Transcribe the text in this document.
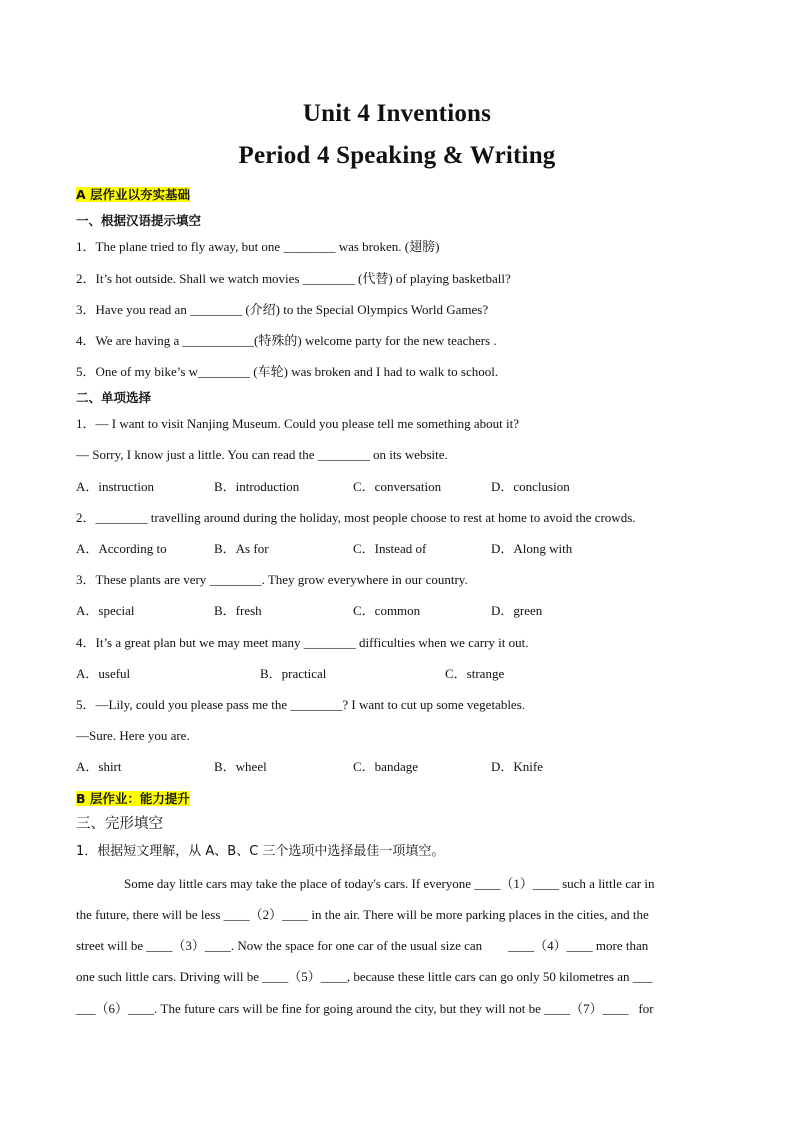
Unit 4 Inventions
Period 4 Speaking & Writing
A 层作业以夯实基础
一、根据汉语提示填空
1．The plane tried to fly away, but one ________ was broken. (翅膀)
2．It’s hot outside. Shall we watch movies ________ (代替) of playing basketball?
3．Have you read an ________ (介绍) to the Special Olympics World Games?
4．We are having a ___________(特殊的) welcome party for the new teachers .
5．One of my bike’s w________ (车轮) was broken and I had to walk to school.
二、单项选择
1．— I want to visit Nanjing Museum. Could you please tell me something about it?
— Sorry, I know just a little. You can read the ________ on its website.
A．instruction	B．introduction	C．conversation	D．conclusion
2．________ travelling around during the holiday, most people choose to rest at home to avoid the crowds.
A．According to	B．As for	C．Instead of	D．Along with
3．These plants are very ________. They grow everywhere in our country.
A．special	B．fresh	C．common	D．green
4．It’s a great plan but we may meet many ________ difficulties when we carry it out.
A．useful	B．practical	C．strange
5．—Lily, could you please pass me the ________? I want to cut up some vegetables.
—Sure. Here you are.
A．shirt	B．wheel	C．bandage	D．Knife
B 层作业：能力提升
三、完形填空
1．根据短文理解，从 A、B、C 三个选项中选择最佳一项填空。
Some day little cars may take the place of today's cars. If everyone ____（1）____ such a little car in
the future, there will be less ____（2）____ in the air. There will be more parking places in the cities, and the
street will be ____（3）____. Now the space for one car of the usual size can        ____（4）____ more than
one such little cars. Driving will be ____（5）____, because these little cars can go only 50 kilometres an ___
___（6）____. The future cars will be fine for going around the city, but they will not be ____（7）____   for
